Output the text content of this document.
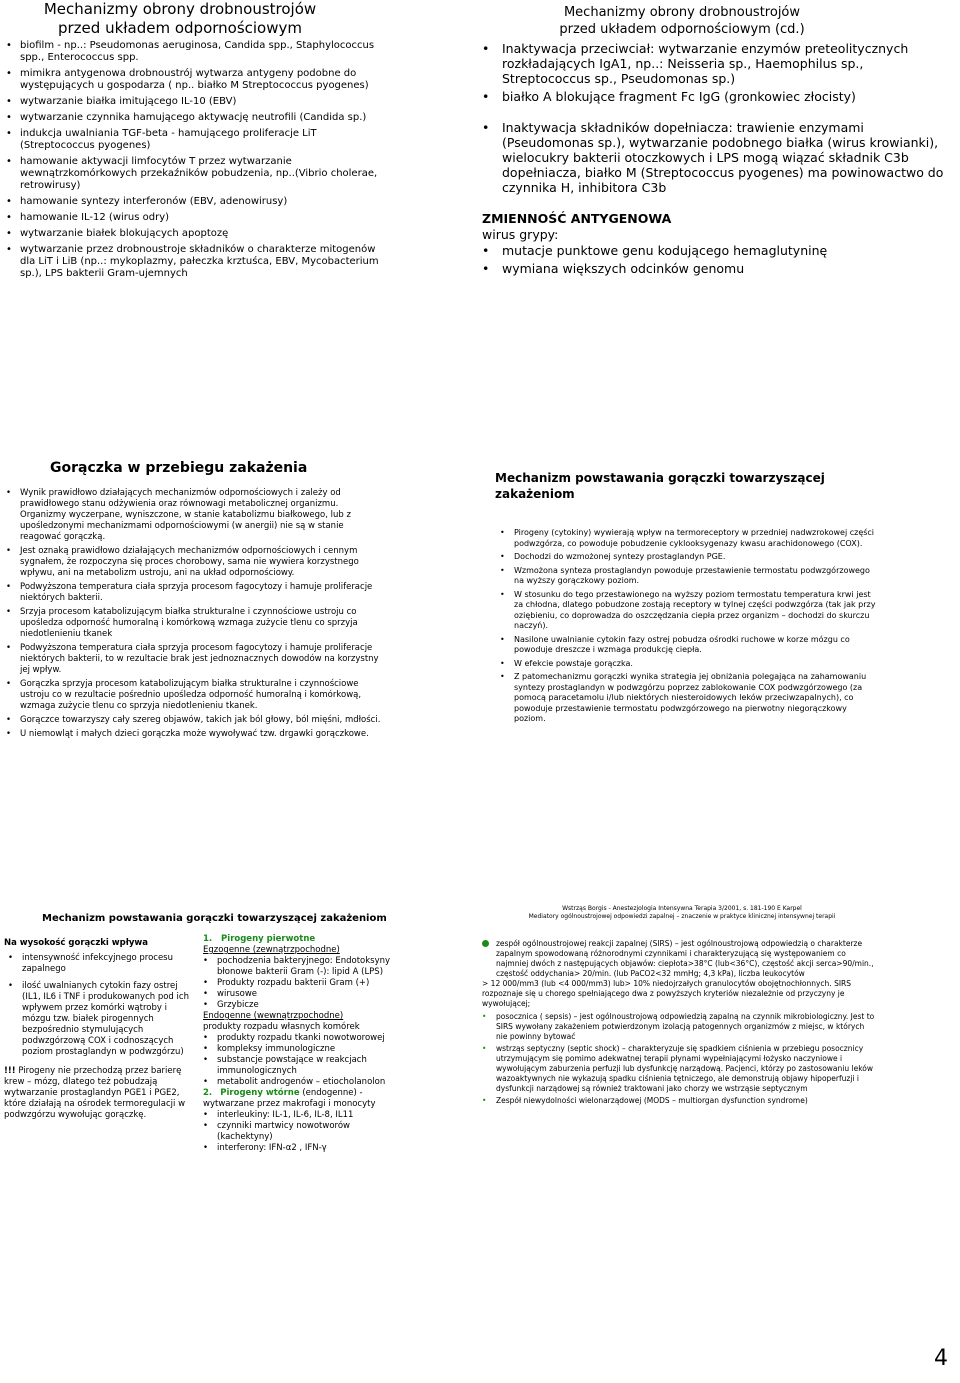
Mechanizmy obrony drobnoustrojów
przed układem odpornościowym
• biofilm - np..: Pseudomonas aeruginosa, Candida spp., Staphylococcus spp., Enterococcus spp.
• mimikra antygenowa drobnoustrój wytwarza antygeny podobne do występujących u gospodarza ( np.. białko M Streptococcus pyogenes)
• wytwarzanie białka imitującego IL-10 (EBV)
• wytwarzanie czynnika hamującego aktywację neutrofili (Candida sp.)
• indukcja uwalniania TGF-beta - hamującego proliferacje LiT (Streptococcus pyogenes)
• hamowanie aktywacji limfocytów T przez wytwarzanie wewnątrzkomórkowych przekaźników pobudzenia, np..(Vibrio cholerae, retrowirusy)
• hamowanie syntezy interferonów (EBV, adenowirusy)
• hamowanie IL-12 (wirus odry)
• wytwarzanie białek blokujących apoptozę
• wytwarzanie przez drobnoustroje składników o charakterze mitogenów dla LiT i LiB (np..: mykoplazmy, pałeczka krztuśca, EBV, Mycobacterium sp.), LPS bakterii Gram-ujemnych
Mechanizmy obrony drobnoustrojów
przed układem odpornościowym (cd.)
• Inaktywacja przeciwciał: wytwarzanie enzymów preteolitycznych rozkładających IgA1, np..: Neisseria sp., Haemophilus sp., Streptococcus sp., Pseudomonas sp.)
• białko A blokujące fragment Fc IgG (gronkowiec złocisty)
• Inaktywacja składników dopełniacza: trawienie enzymami (Pseudomonas sp.), wytwarzanie podobnego białka (wirus krowianki), wielocukry bakterii otoczkowych i LPS mogą wiązać składnik C3b dopełniacza, białko M (Streptococcus pyogenes) ma powinowactwo do czynnika H, inhibitora C3b
ZMIENNOŚĆ ANTYGENOWA
wirus grypy:
• mutacje punktowe genu kodującego hemaglutyninę
• wymiana większych odcinków genomu
Gorączka w przebiegu zakażenia
• Wynik prawidłowo działających mechanizmów odpornościowych i zależy od prawidłowego stanu odżywienia oraz równowagi metabolicznej organizmu. Organizmy wyczerpane, wyniszczone, w stanie katabolizmu białkowego, lub z upośledzonymi mechanizmami odpornościowymi (w anergii) nie są w stanie reagować gorączką.
• Jest oznaką prawidłowo działających mechanizmów odpornościowych i cennym sygnałem, że rozpoczyna się proces chorobowy, sama nie wywiera korzystnego wpływu, ani na metabolizm ustroju, ani na układ odpornościowy.
• Podwyższona temperatura ciała sprzyja procesom fagocytozy i hamuje proliferacje niektórych bakterii.
• Srzyja procesom katabolizującym białka strukturalne i czynnościowe ustroju co upośledza odporność humoralną i komórkową wzmaga zużycie tlenu co sprzyja niedotlenieniu tkanek
• Podwyższona temperatura ciała sprzyja procesom fagocytozy i hamuje proliferacje niektórych bakterii, to w rezultacie brak jest jednoznacznych dowodów na korzystny jej wpływ.
• Gorączka sprzyja procesom katabolizującym białka strukturalne i czynnościowe ustroju co w rezultacie pośrednio upośledza odporność humoralną i komórkową, wzmaga zużycie tlenu co sprzyja niedotlenieniu tkanek.
• Gorączce towarzyszy cały szereg objawów, takich jak ból głowy, ból mięśni, mdłości.
• U niemowląt i małych dzieci gorączka może wywoływać tzw. drgawki gorączkowe.
Mechanizm powstawania gorączki towarzyszącej zakażeniom
• Pirogeny (cytokiny) wywierają wpływ na termoreceptory w przedniej nadwzrokowej części podwzgórza, co powoduje pobudzenie cyklooksygenazy kwasu arachidonowego (COX).
• Dochodzi do wzmożonej syntezy prostaglandyn PGE.
• Wzmożona synteza prostaglandyn powoduje przestawienie termostatu podwzgórzowego na wyższy gorączkowy poziom.
• W stosunku do tego przestawionego na wyższy poziom termostatu temperatura krwi jest za chłodna, dlatego pobudzone zostają receptory w tylnej części podwzgórza (tak jak przy oziębieniu, co doprowadza do oszczędzania ciepła przez organizm – dochodzi do skurczu naczyń).
• Nasilone uwalnianie cytokin fazy ostrej pobudza ośrodki ruchowe w korze mózgu co powoduje dreszcze i wzmaga produkcję ciepła.
• W efekcie powstaje gorączka.
• Z patomechanizmu gorączki wynika strategia jej obniżania polegająca na zahamowaniu syntezy prostaglandyn w podwzgórzu poprzez zablokowanie COX podwzgórzowego (za pomocą paracetamolu i/lub niektórych niesteroidowych leków przeciwzapalnych), co powoduje przestawienie termostatu podwzgórzowego na pierwotny niegorączkowy poziom.
Mechanizm powstawania gorączki towarzyszącej zakażeniom
Na wysokość gorączki wpływa
• intensywność infekcyjnego procesu zapalnego
• ilość uwalnianych cytokin fazy ostrej (IL1, IL6 i TNF i produkowanych pod ich wpływem przez komórki wątroby i mózgu tzw. białek pirogennych bezpośrednio stymulujących podwzgórzową COX i codnoszących poziom prostaglandyn w podwzgórzu)
!!! Pirogeny nie przechodzą przez barierę krew – mózg, dlatego też pobudzają wytwarzanie prostaglandyn PGE1 i PGE2, które działają na ośrodek termoregulacji w podwzgórzu wywołując gorączkę.
1. Pirogeny pierwotne
Egzogenne (zewnątrzpochodne)
• pochodzenia bakteryjnego: Endotoksyny błonowe bakterii Gram (-): lipid A (LPS)
• Produkty rozpadu bakterii Gram (+)
• wirusowe
• Grzybicze
Endogenne (wewnątrzpochodne)
produkty rozpadu własnych komórek
• produkty rozpadu tkanki nowotworowej
• kompleksy immunologiczne
• substancje powstające w reakcjach immunologicznych
• metabolit androgenów – etiocholanolon
2. Pirogeny wtórne (endogenne) - wytwarzane przez makrofagi i monocyty
• interleukiny: IL-1, IL-6, IL-8, IL11
• czynniki martwicy nowotworów (kachektyny)
• interferony: IFN-α2 , IFN-γ
Wstrząs Borgis - Anestezjologia Intensywna Terapia 3/2001, s. 181-190 E Karpel
Mediatory ogólnoustrojowej odpowiedzi zapalnej – znaczenie w praktyce klinicznej intensywnej terapii
zespół ogólnoustrojowej reakcji zapalnej (SIRS) – jest ogólnoustrojową odpowiedzią o charakterze zapalnym spowodowaną różnorodnymi czynnikami i charakteryzującą się występowaniem co najmniej dwóch z następujących objawów: ciepłota>38°C (lub<36°C), częstość akcji serca>90/min., częstość oddychania> 20/min. (lub PaCO2<32 mmHg; 4,3 kPa), liczba leukocytów
> 12 000/mm3 (lub <4 000/mm3) lub> 10% niedojrzałych granulocytów obojętnochłonnych. SIRS rozpoznaje się u chorego spełniającego dwa z powyższych kryteriów niezależnie od przyczyny je wywołującej;
• posocznica ( sepsis) – jest ogólnoustrojową odpowiedzią zapalną na czynnik mikrobiologiczny. Jest to SIRS wywołany zakażeniem potwierdzonym izolacją patogennych organizmów z miejsc, w których nie powinny bytować
• wstrząs septyczny (septic shock) – charakteryzuje się spadkiem ciśnienia w przebiegu posocznicy utrzymującym się pomimo adekwatnej terapii płynami wypełniającymi łożysko naczyniowe i wywołującym zaburzenia perfuzji lub dysfunkcję narządową. Pacjenci, którzy po zastosowaniu leków wazoaktywnych nie wykazują spadku ciśnienia tętniczego, ale demonstrują objawy hipoperfuzji i dysfunkcji narządowej są również traktowani jako chorzy we wstrząsie septycznym
• Zespół niewydolności wielonarządowej (MODS – multiorgan dysfunction syndrome)
4
